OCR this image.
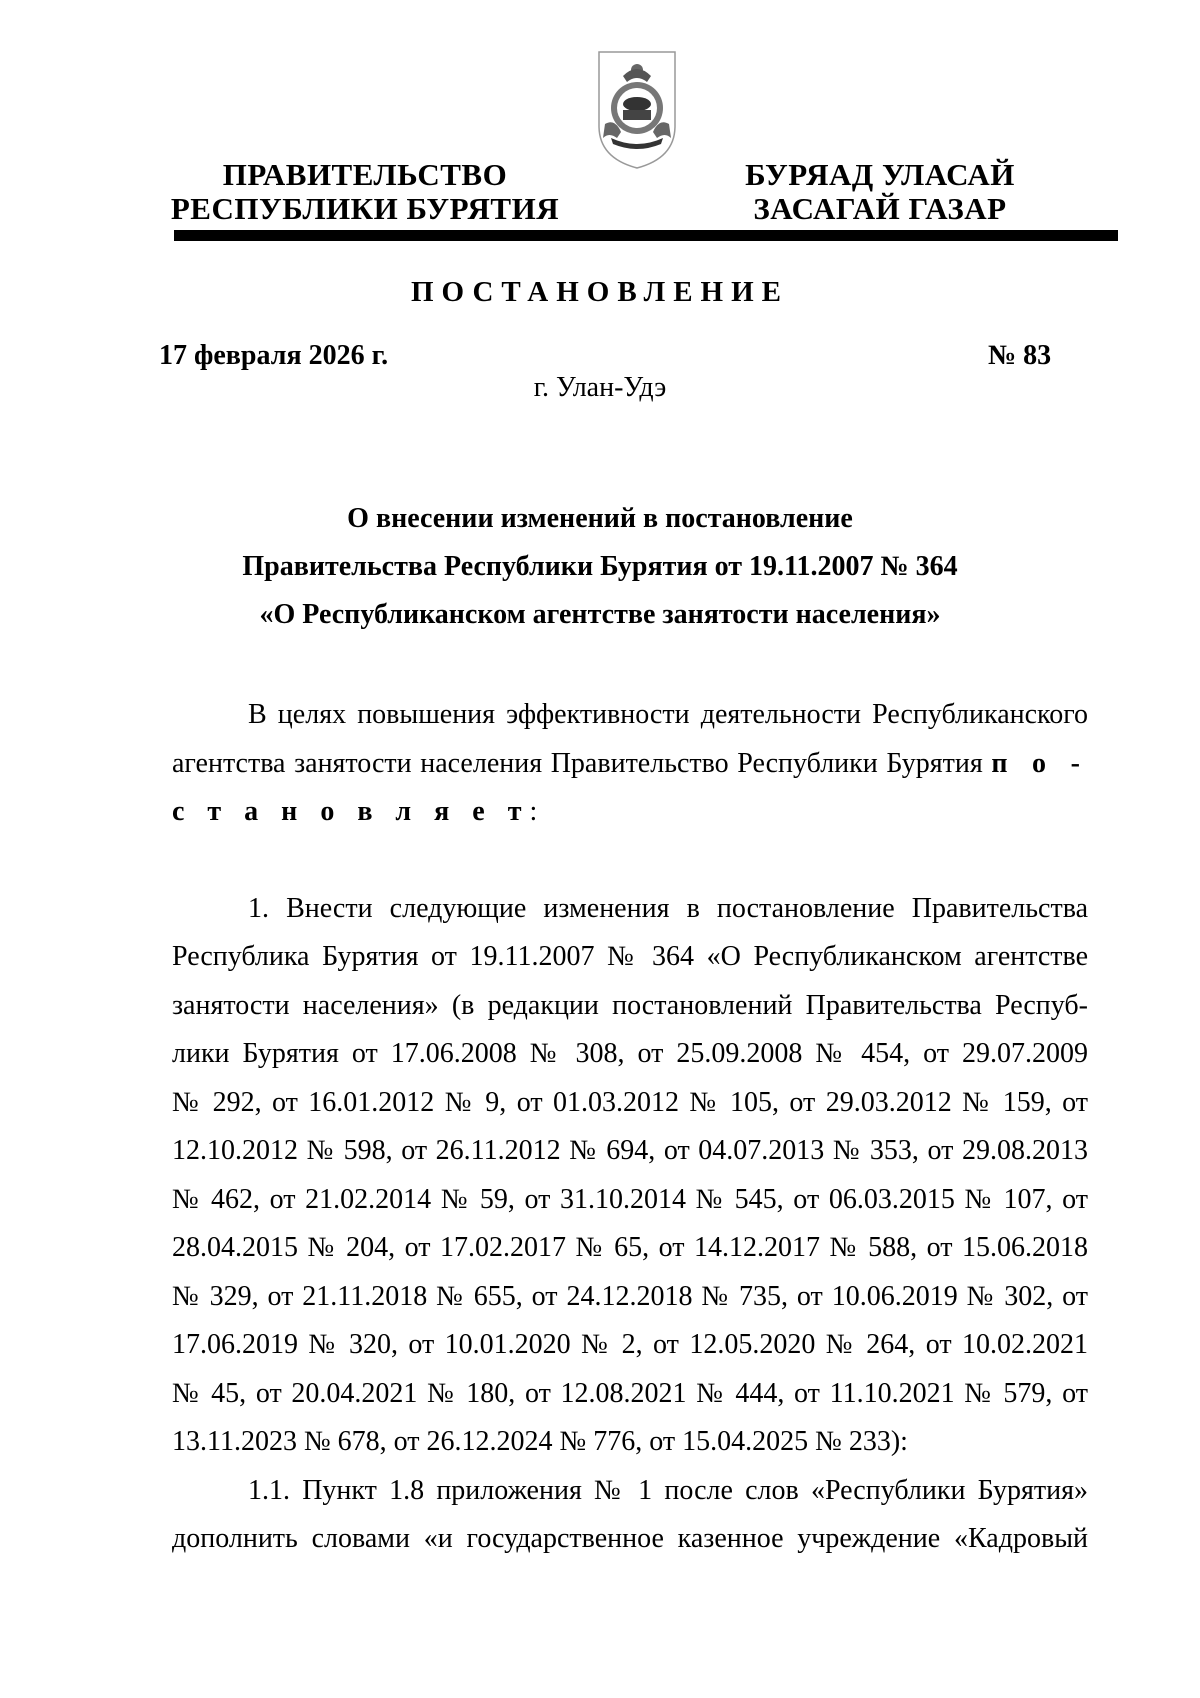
ПРАВИТЕЛЬСТВО
РЕСПУБЛИКИ БУРЯТИЯ
БУРЯАД УЛАСАЙ
ЗАСАГАЙ ГАЗАР
ПОСТАНОВЛЕНИЕ
17 февраля 2026 г.	№ 83
г. Улан-Удэ
О внесении изменений в постановление
Правительства Республики Бурятия от 19.11.2007 № 364
«О Республиканском агентстве занятости населения»
В целях повышения эффективности деятельности Республиканского
агентства занятости населения Правительство Республики Бурятия п о -
с т а н о в л я е т:
1. Внести следующие изменения в постановление Правительства
Республика Бурятия от 19.11.2007 № 364 «О Республиканском агентстве
занятости населения» (в редакции постановлений Правительства Респуб-
лики Бурятия от 17.06.2008 № 308, от 25.09.2008 № 454, от 29.07.2009
№ 292, от 16.01.2012 № 9, от 01.03.2012 № 105, от 29.03.2012 № 159, от
12.10.2012 № 598, от 26.11.2012 № 694, от 04.07.2013 № 353, от 29.08.2013
№ 462, от 21.02.2014 № 59, от 31.10.2014 № 545, от 06.03.2015 № 107, от
28.04.2015 № 204, от 17.02.2017 № 65, от 14.12.2017 № 588, от 15.06.2018
№ 329, от 21.11.2018 № 655, от 24.12.2018 № 735, от 10.06.2019 № 302, от
17.06.2019 № 320, от 10.01.2020 № 2, от 12.05.2020 № 264, от 10.02.2021
№ 45, от 20.04.2021 № 180, от 12.08.2021 № 444, от 11.10.2021 № 579, от
13.11.2023 № 678, от 26.12.2024 № 776, от 15.04.2025 № 233):
1.1. Пункт 1.8 приложения № 1 после слов «Республики Бурятия»
дополнить словами «и государственное казенное учреждение «Кадровый
